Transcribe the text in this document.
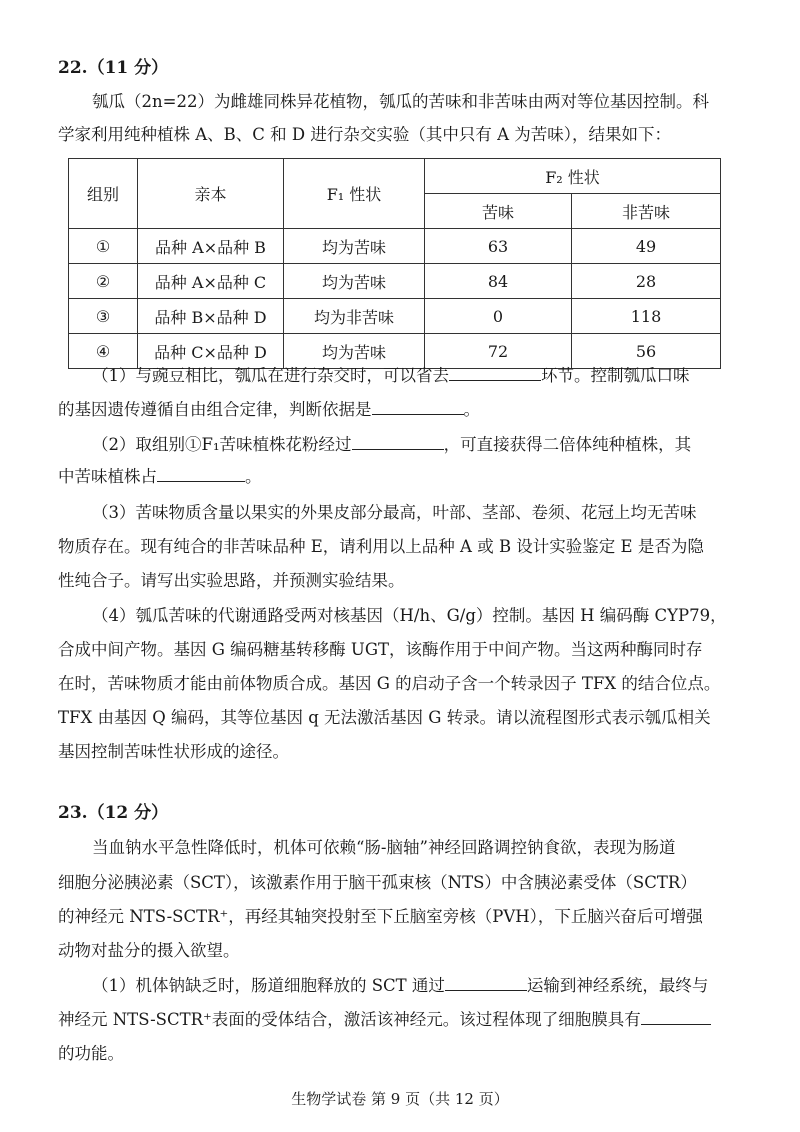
22.（11 分）
瓠瓜（2n=22）为雌雄同株异花植物，瓠瓜的苦味和非苦味由两对等位基因控制。科
学家利用纯种植株 A、B、C 和 D 进行杂交实验（其中只有 A 为苦味），结果如下：
组别	亲本	F₁ 性状	F₂ 性状	
			苦味	非苦味
①	品种 A×品种 B	均为苦味	63	49
②	品种 A×品种 C	均为苦味	84	28
③	品种 B×品种 D	均为非苦味	0	118
④	品种 C×品种 D	均为苦味	72	56
（1）与豌豆相比，瓠瓜在进行杂交时，可以省去	环节。控制瓠瓜口味
的基因遗传遵循自由组合定律，判断依据是	。
（2）取组别①F₁苦味植株花粉经过	，可直接获得二倍体纯种植株，其
中苦味植株占	。
（3）苦味物质含量以果实的外果皮部分最高，叶部、茎部、卷须、花冠上均无苦味
物质存在。现有纯合的非苦味品种 E，请利用以上品种 A 或 B 设计实验鉴定 E 是否为隐
性纯合子。请写出实验思路，并预测实验结果。
（4）瓠瓜苦味的代谢通路受两对核基因（H/h、G/g）控制。基因 H 编码酶 CYP79，
合成中间产物。基因 G 编码糖基转移酶 UGT，该酶作用于中间产物。当这两种酶同时存
在时，苦味物质才能由前体物质合成。基因 G 的启动子含一个转录因子 TFX 的结合位点。
TFX 由基因 Q 编码，其等位基因 q 无法激活基因 G 转录。请以流程图形式表示瓠瓜相关
基因控制苦味性状形成的途径。
23.（12 分）
当血钠水平急性降低时，机体可依赖“肠-脑轴”神经回路调控钠食欲，表现为肠道
细胞分泌胰泌素（SCT），该激素作用于脑干孤束核（NTS）中含胰泌素受体（SCTR）
的神经元 NTS-SCTR⁺，再经其轴突投射至下丘脑室旁核（PVH），下丘脑兴奋后可增强
动物对盐分的摄入欲望。
（1）机体钠缺乏时，肠道细胞释放的 SCT 通过	运输到神经系统，最终与
神经元 NTS-SCTR⁺表面的受体结合，激活该神经元。该过程体现了细胞膜具有
的功能。
生物学试卷 第 9 页（共 12 页）
